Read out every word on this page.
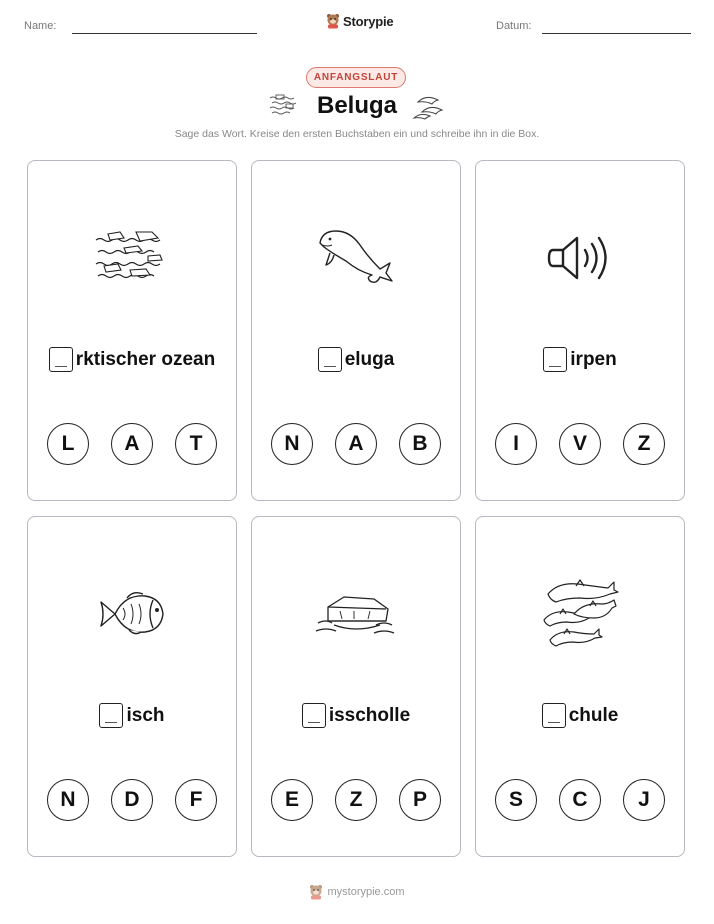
Name:	Storypie	Datum:
ANFANGSLAUT
Beluga
Sage das Wort. Kreise den ersten Buchstaben ein und schreibe ihn in die Box.
rktischer ozean
L	A	T
eluga
N	A	B
irpen
I	V	Z
isch
N	D	F
isscholle
E	Z	P
chule
S	C	J
mystorypie.com
